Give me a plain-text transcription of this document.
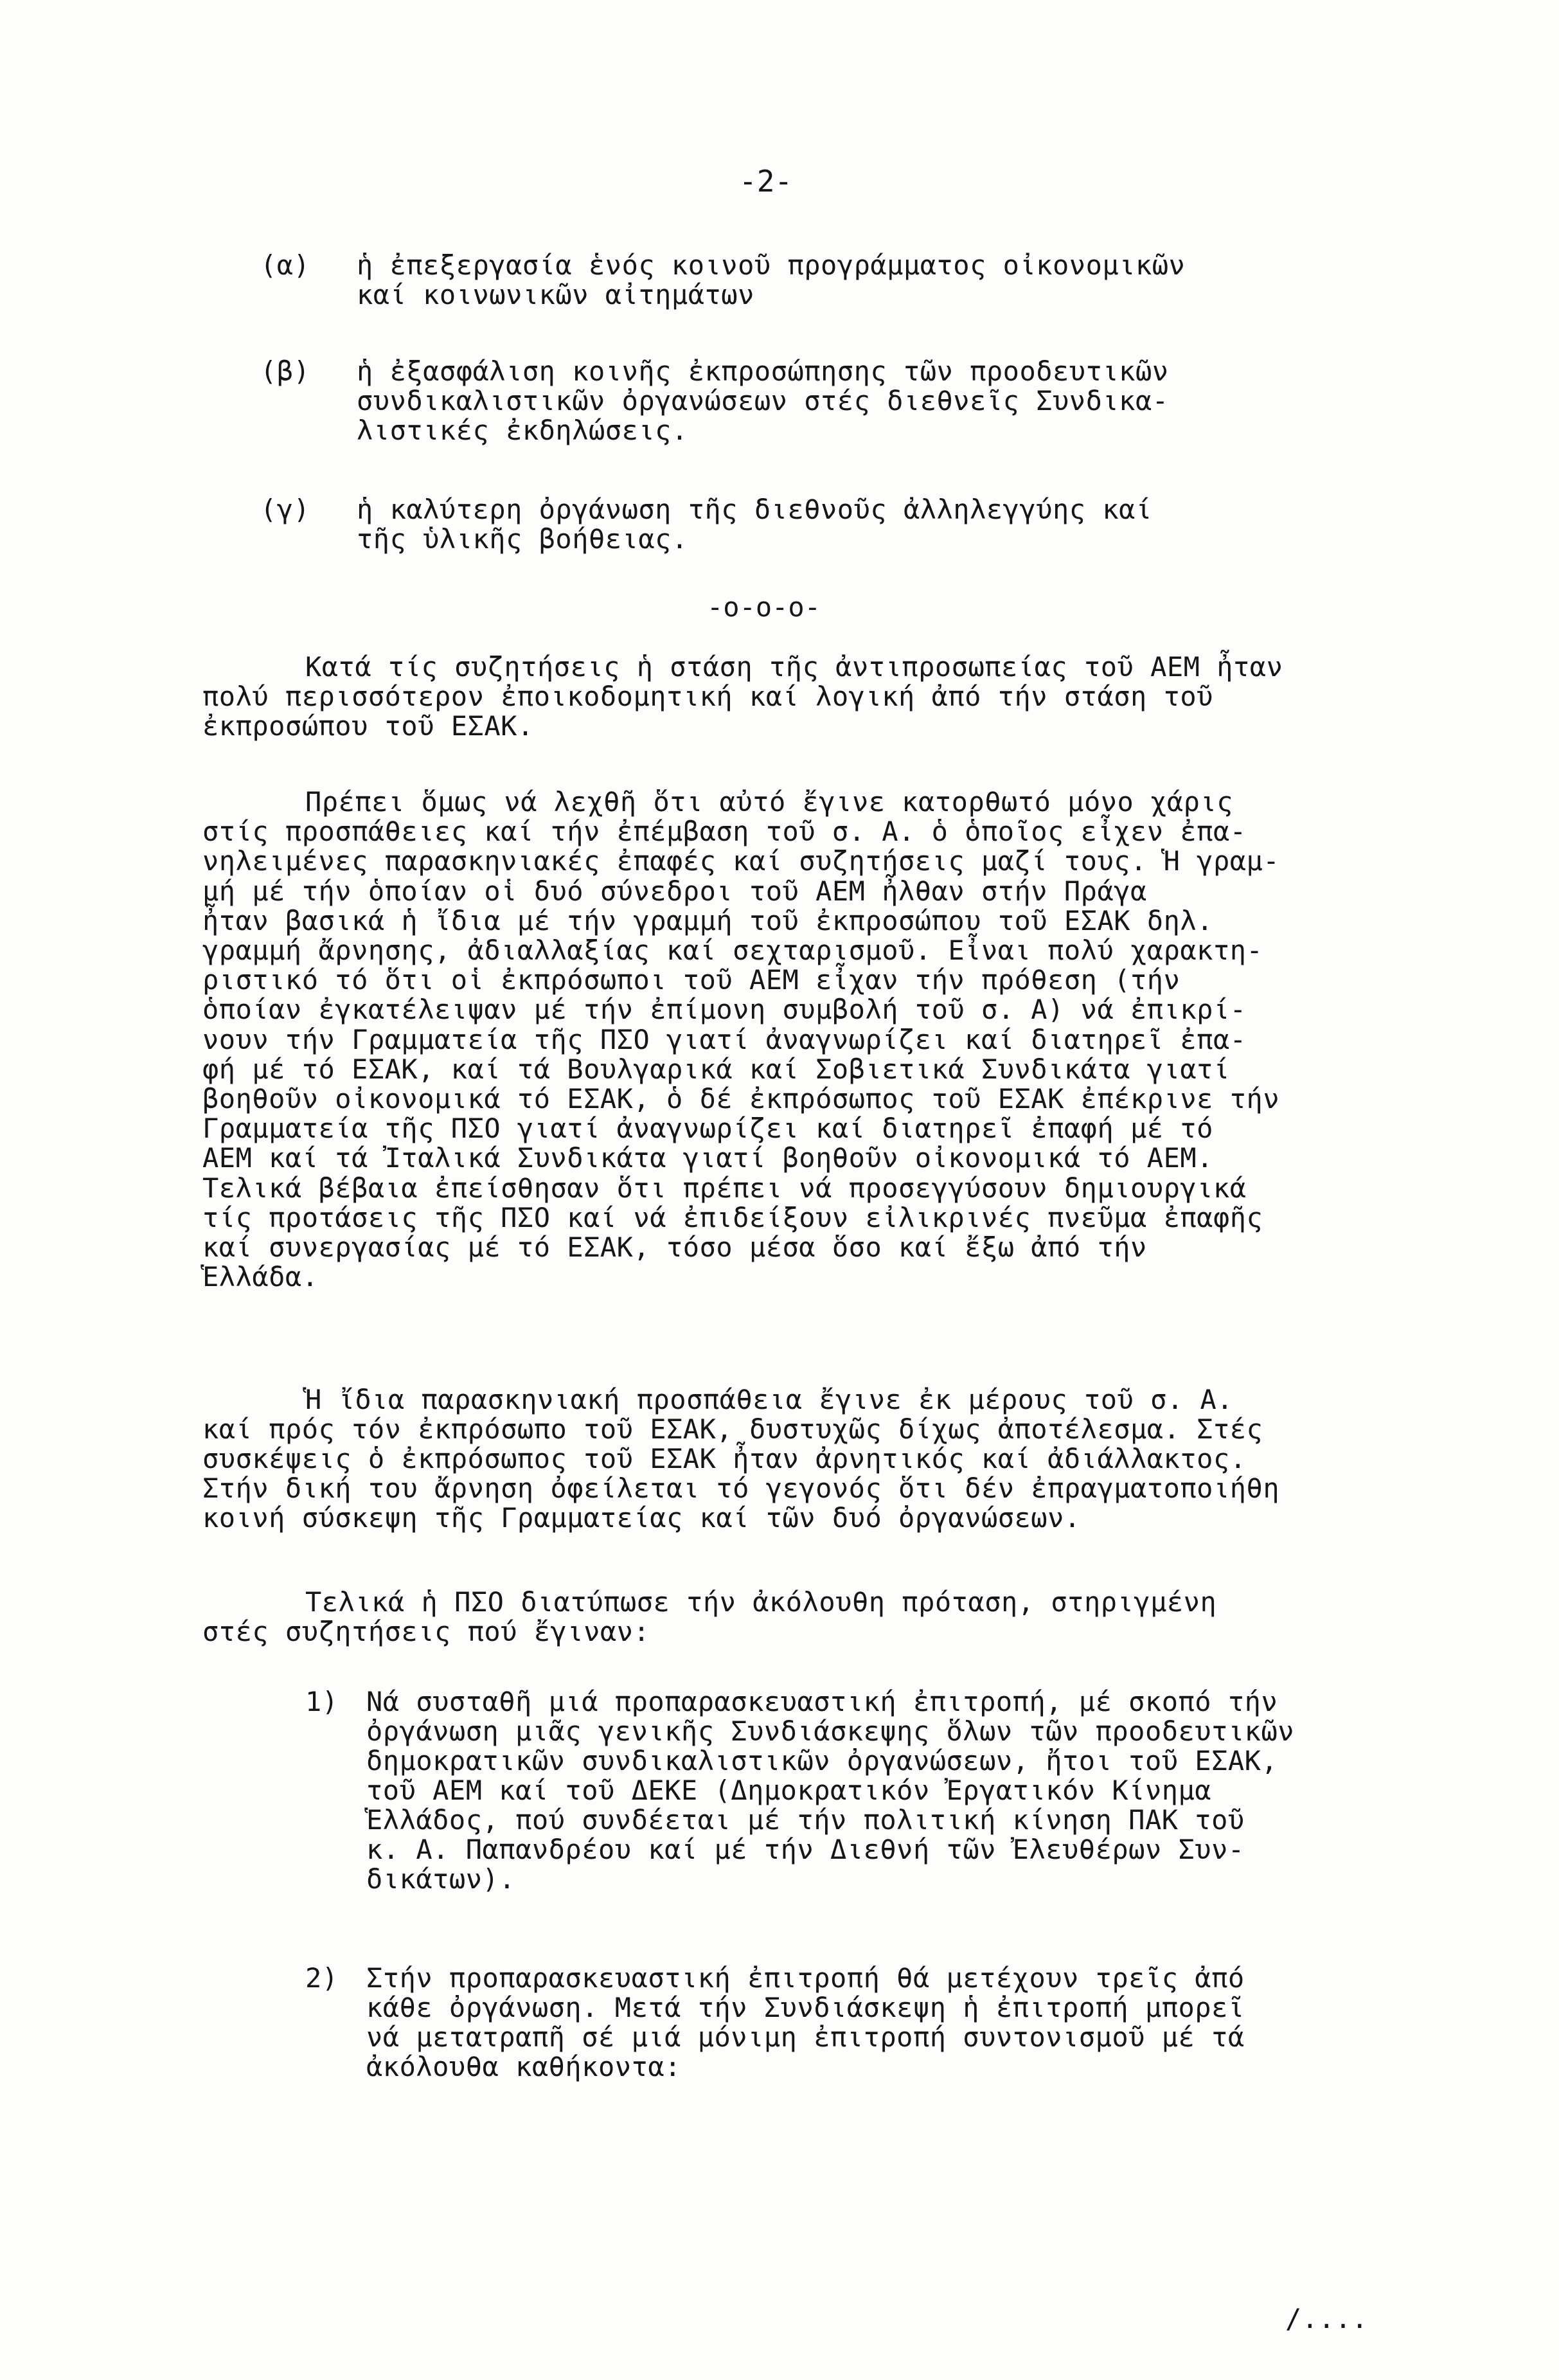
-2-
-o-o-o-
(α) ἡ ἐπεξεργασία ἑνός κοινοῦ προγράμματος οἰκονομικῶν
καί κοινωνικῶν αἰτημάτων
(β) ἡ ἐξασφάλιση κοινῆς ἐκπροσώπησης τῶν προοδευτικῶν
συνδικαλιστικῶν ὀργανώσεων στές διεθνεῖς Συνδικα-
λιστικές ἐκδηλώσεις.
(γ) ἡ καλύτερη ὀργάνωση τῆς διεθνοῦς ἀλληλεγγύης καί
τῆς ὑλικῆς βοήθειας.
Κατά τίς συζητήσεις ἡ στάση τῆς ἀντιπροσωπείας τοῦ ΑΕΜ ἦταν
πολύ περισσότερον ἐποικοδομητική καί λογική ἀπό τήν στάση τοῦ
ἐκπροσώπου τοῦ ΕΣΑΚ.
Πρέπει ὅμως νά λεχθῆ ὅτι αὐτό ἔγινε κατορθωτό μόνο χάρις
στίς προσπάθειες καί τήν ἐπέμβαση τοῦ σ. Α. ὁ ὁποῖος εἶχεν ἐπα-
νηλειμένες παρασκηνιακές ἐπαφές καί συζητήσεις μαζί τους. Ἡ γραμ-
μή μέ τήν ὁποίαν οἱ δυό σύνεδροι τοῦ ΑΕΜ ἦλθαν στήν Πράγα
ἦταν βασικά ἡ ἴδια μέ τήν γραμμή τοῦ ἐκπροσώπου τοῦ ΕΣΑΚ δηλ.
γραμμή ἄρνησης, ἀδιαλλαξίας καί σεχταρισμοῦ. Εἶναι πολύ χαρακτη-
ριστικό τό ὅτι οἱ ἐκπρόσωποι τοῦ ΑΕΜ εἶχαν τήν πρόθεση (τήν
ὁποίαν ἐγκατέλειψαν μέ τήν ἐπίμονη συμβολή τοῦ σ. Α) νά ἐπικρί-
νουν τήν Γραμματεία τῆς ΠΣΟ γιατί ἀναγνωρίζει καί διατηρεῖ ἐπα-
φή μέ τό ΕΣΑΚ, καί τά Βουλγαρικά καί Σοβιετικά Συνδικάτα γιατί
βοηθοῦν οἰκονομικά τό ΕΣΑΚ, ὁ δέ ἐκπρόσωπος τοῦ ΕΣΑΚ ἐπέκρινε τήν
Γραμματεία τῆς ΠΣΟ γιατί ἀναγνωρίζει καί διατηρεῖ ἐπαφή μέ τό
ΑΕΜ καί τά Ἰταλικά Συνδικάτα γιατί βοηθοῦν οἰκονομικά τό ΑΕΜ.
Τελικά βέβαια ἐπείσθησαν ὅτι πρέπει νά προσεγγύσουν δημιουργικά
τίς προτάσεις τῆς ΠΣΟ καί νά ἐπιδείξουν εἰλικρινές πνεῦμα ἐπαφῆς
καί συνεργασίας μέ τό ΕΣΑΚ, τόσο μέσα ὅσο καί ἔξω ἀπό τήν
Ἑλλάδα.
Ἡ ἴδια παρασκηνιακή προσπάθεια ἔγινε ἐκ μέρους τοῦ σ. Α.
καί πρός τόν ἐκπρόσωπο τοῦ ΕΣΑΚ, δυστυχῶς δίχως ἀποτέλεσμα. Στές
συσκέψεις ὁ ἐκπρόσωπος τοῦ ΕΣΑΚ ἦταν ἀρνητικός καί ἀδιάλλακτος.
Στήν δική του ἄρνηση ὀφείλεται τό γεγονός ὅτι δέν ἐπραγματοποιήθη
κοινή σύσκεψη τῆς Γραμματείας καί τῶν δυό ὀργανώσεων.
Τελικά ἡ ΠΣΟ διατύπωσε τήν ἀκόλουθη πρόταση, στηριγμένη
στές συζητήσεις πού ἔγιναν:
1) Νά συσταθῆ μιά προπαρασκευαστική ἐπιτροπή, μέ σκοπό τήν
ὀργάνωση μιᾶς γενικῆς Συνδιάσκεψης ὅλων τῶν προοδευτικῶν
δημοκρατικῶν συνδικαλιστικῶν ὀργανώσεων, ἤτοι τοῦ ΕΣΑΚ,
τοῦ ΑΕΜ καί τοῦ ΔΕΚΕ (Δημοκρατικόν Ἐργατικόν Κίνημα
Ἑλλάδος, πού συνδέεται μέ τήν πολιτική κίνηση ΠΑΚ τοῦ
κ. Α. Παπανδρέου καί μέ τήν Διεθνή τῶν Ἐλευθέρων Συν-
δικάτων).
2) Στήν προπαρασκευαστική ἐπιτροπή θά μετέχουν τρεῖς ἀπό
κάθε ὀργάνωση. Μετά τήν Συνδιάσκεψη ἡ ἐπιτροπή μπορεῖ
νά μετατραπῆ σέ μιά μόνιμη ἐπιτροπή συντονισμοῦ μέ τά
ἀκόλουθα καθήκοντα:
/....
